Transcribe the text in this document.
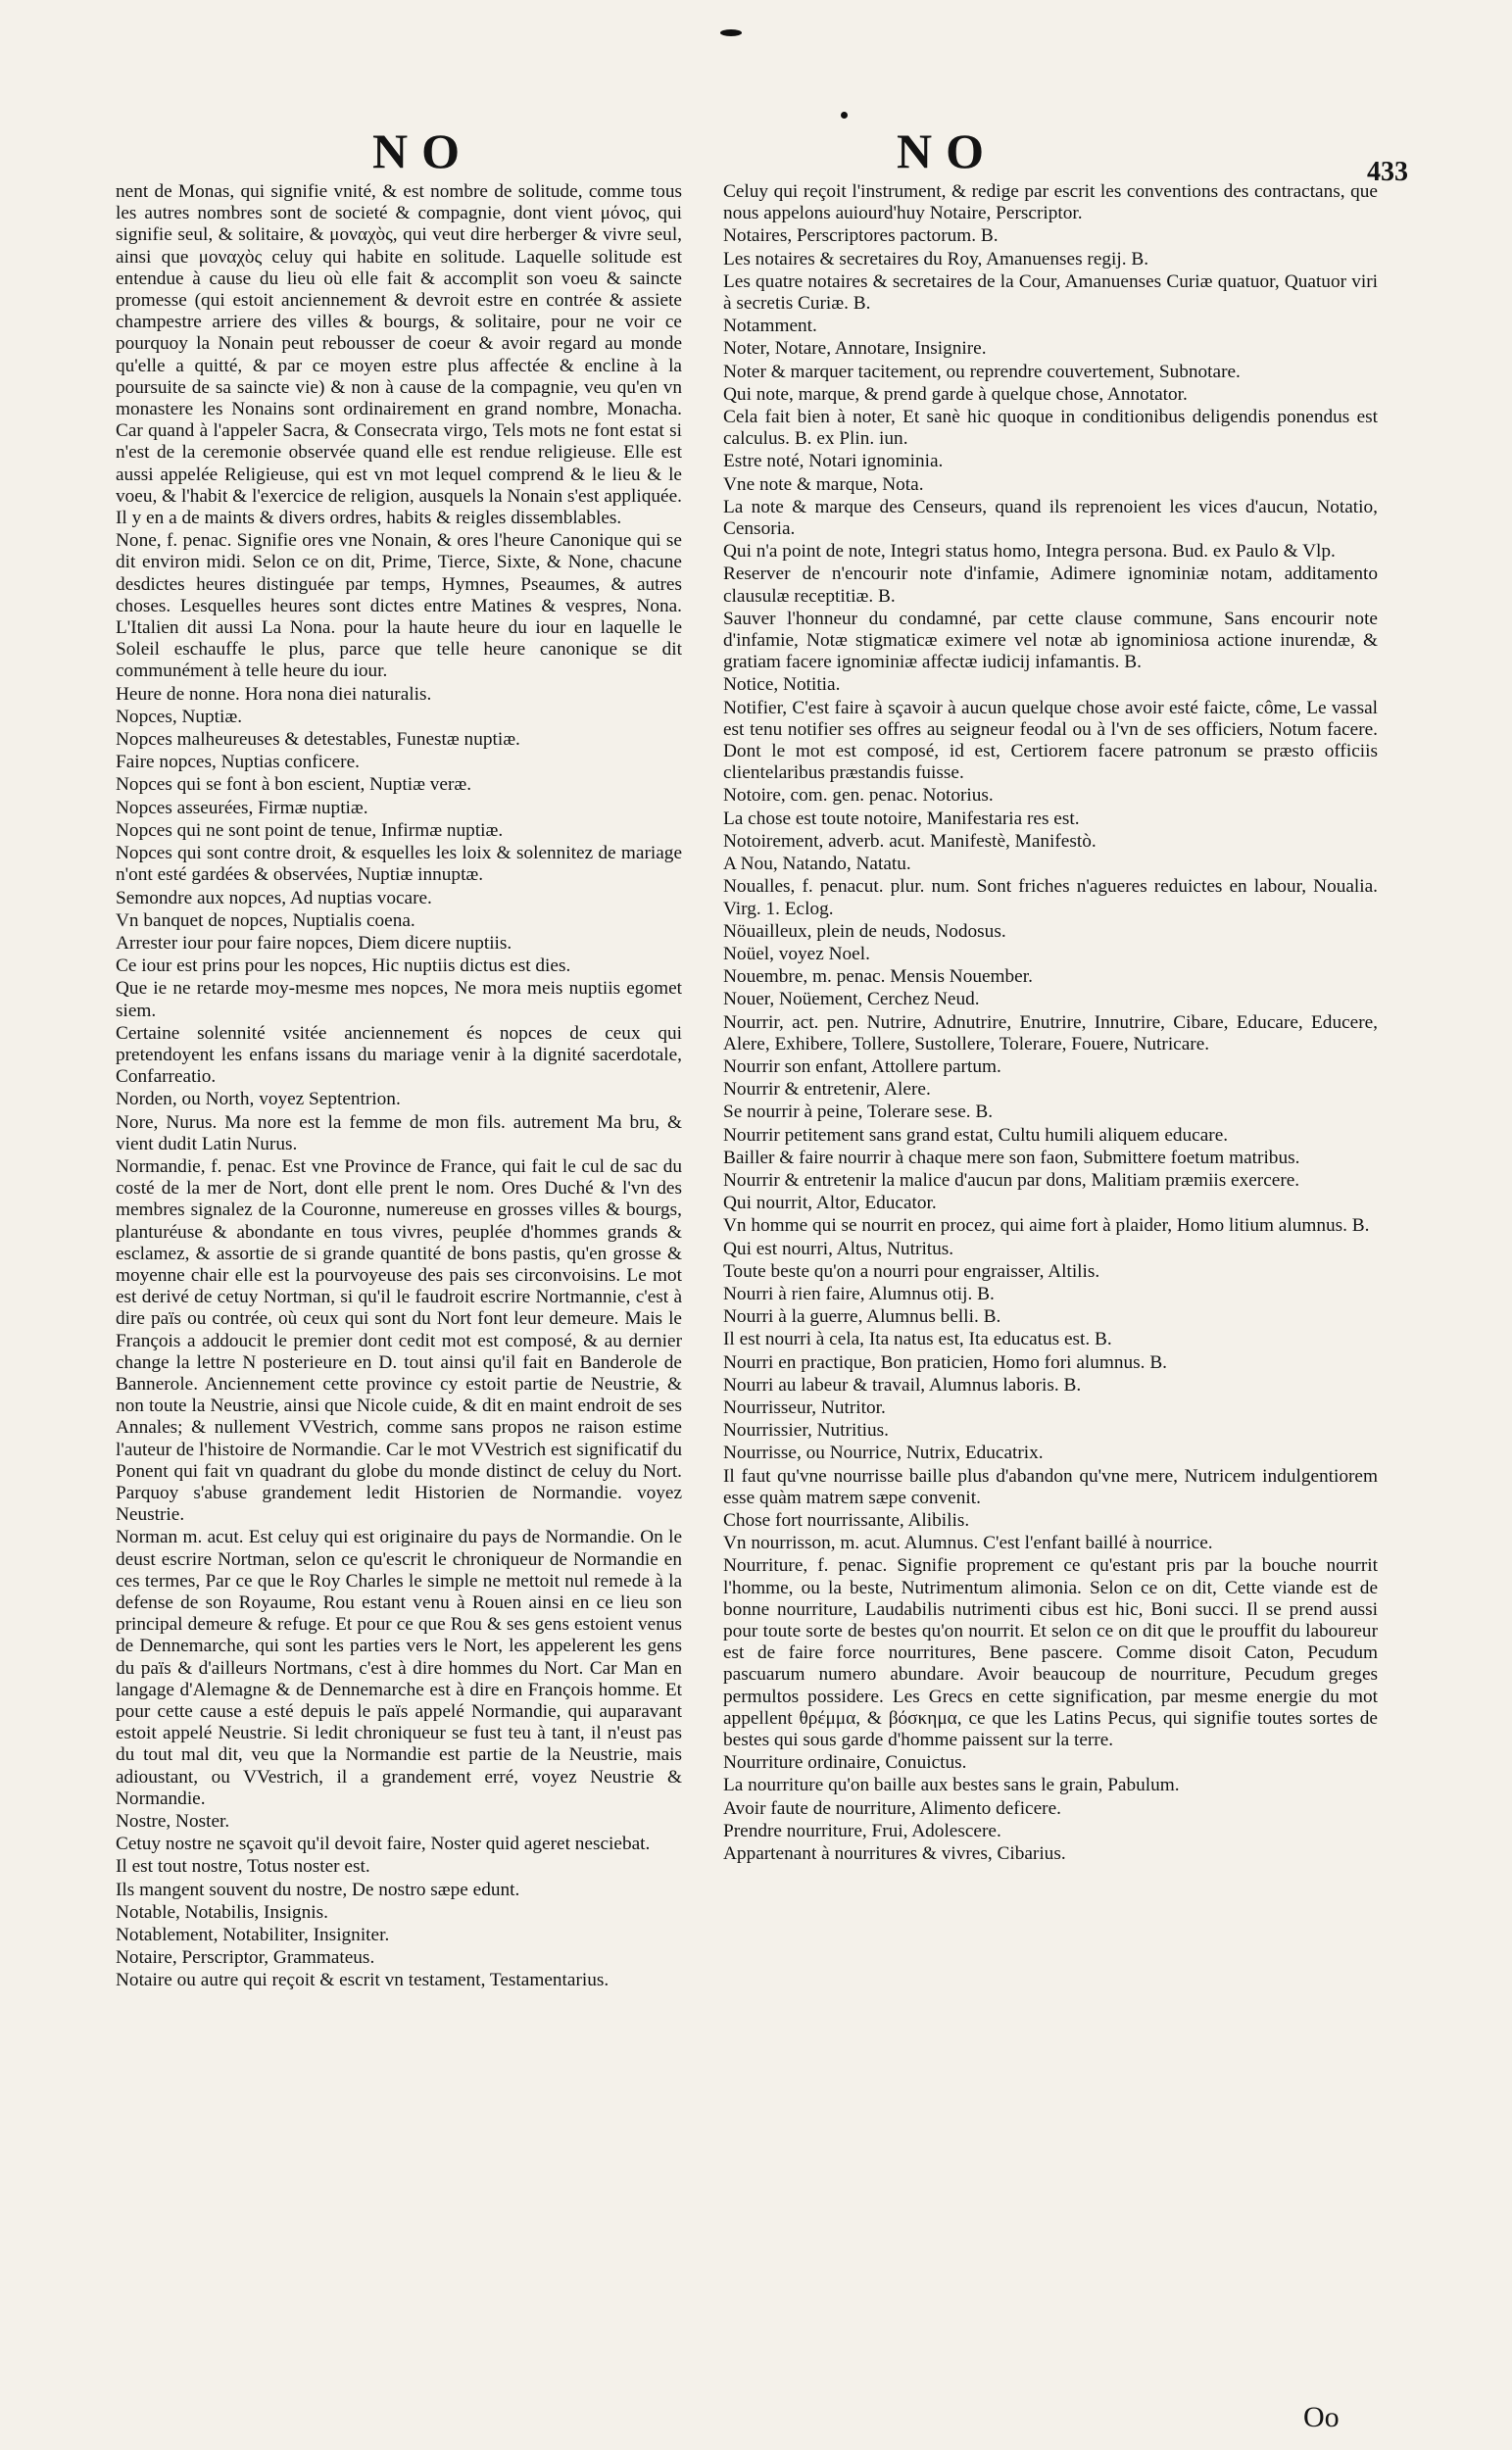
NO	NO	433

nent de Monas, qui signifie vnité, & est nombre de solitude, comme tous les autres nombres sont de societé & compagnie, dont vient μόνος, qui signifie seul, & solitaire, & μοναχὸς, qui veut dire herberger & vivre seul, ainsi que μοναχὸς celuy qui habite en solitude. Laquelle solitude est entendue à cause du lieu où elle fait & accomplit son voeu & saincte promesse (qui estoit anciennement & devroit estre en contrée & assiete champestre arriere des villes & bourgs, & solitaire, pour ne voir ce pourquoy la Nonain peut rebousser de coeur & avoir regard au monde qu'elle a quitté, & par ce moyen estre plus affectée & encline à la poursuite de sa saincte vie) & non à cause de la compagnie, veu qu'en vn monastere les Nonains sont ordinairement en grand nombre, Monacha. Car quand à l'appeler Sacra, & Consecrata virgo, Tels mots ne font estat si n'est de la ceremonie observée quand elle est rendue religieuse. Elle est aussi appelée Religieuse, qui est vn mot lequel comprend & le lieu & le voeu, & l'habit & l'exercice de religion, ausquels la Nonain s'est appliquée. Il y en a de maints & divers ordres, habits & reigles dissemblables.

None, f. penac. Signifie ores vne Nonain, & ores l'heure Canonique qui se dit environ midi. Selon ce on dit, Prime, Tierce, Sixte, & None, chacune desdictes heures distinguée par temps, Hymnes, Pseaumes, & autres choses. Lesquelles heures sont dictes entre Matines & vespres, Nona. L'Italien dit aussi La Nona. pour la haute heure du iour en laquelle le Soleil eschauffe le plus, parce que telle heure canonique se dit communément à telle heure du iour.

Heure de nonne. Hora nona diei naturalis.

Nopces, Nuptiæ.

Nopces malheureuses & detestables, Funestæ nuptiæ.

Faire nopces, Nuptias conficere.

Nopces qui se font à bon escient, Nuptiæ veræ.

Nopces asseurées, Firmæ nuptiæ.

Nopces qui ne sont point de tenue, Infirmæ nuptiæ.

Nopces qui sont contre droit, & esquelles les loix & solennitez de mariage n'ont esté gardées & observées, Nuptiæ innuptæ.

Semondre aux nopces, Ad nuptias vocare.

Vn banquet de nopces, Nuptialis coena.

Arrester iour pour faire nopces, Diem dicere nuptiis.

Ce iour est prins pour les nopces, Hic nuptiis dictus est dies.

Que ie ne retarde moy-mesme mes nopces, Ne mora meis nuptiis egomet siem.

Certaine solennité vsitée anciennement és nopces de ceux qui pretendoyent les enfans issans du mariage venir à la dignité sacerdotale, Confarreatio.

Norden, ou North, voyez Septentrion.

Nore, Nurus. Ma nore est la femme de mon fils. autrement Ma bru, & vient dudit Latin Nurus.

Normandie, f. penac. Est vne Province de France, qui fait le cul de sac du costé de la mer de Nort, dont elle prent le nom. Ores Duché & l'vn des membres signalez de la Couronne, numereuse en grosses villes & bourgs, planturéuse & abondante en tous vivres, peuplée d'hommes grands & esclamez, & assortie de si grande quantité de bons pastis, qu'en grosse & moyenne chair elle est la pourvoyeuse des pais ses circonvoisins. Le mot est derivé de cetuy Nortman, si qu'il le faudroit escrire Nortmannie, c'est à dire païs ou contrée, où ceux qui sont du Nort font leur demeure. Mais le François a addoucit le premier dont cedit mot est composé, & au dernier change la lettre N posterieure en D. tout ainsi qu'il fait en Banderole de Bannerole. Anciennement cette province cy estoit partie de Neustrie, & non toute la Neustrie, ainsi que Nicole cuide, & dit en maint endroit de ses Annales; & nullement VVestrich, comme sans propos ne raison estime l'auteur de l'histoire de Normandie. Car le mot VVestrich est significatif du Ponent qui fait vn quadrant du globe du monde distinct de celuy du Nort. Parquoy s'abuse grandement ledit Historien de Normandie. voyez Neustrie.

Norman m. acut. Est celuy qui est originaire du pays de Normandie. On le deust escrire Nortman, selon ce qu'escrit le chroniqueur de Normandie en ces termes, Par ce que le Roy Charles le simple ne mettoit nul remede à la defense de son Royaume, Rou estant venu à Rouen ainsi en ce lieu son principal demeure & refuge. Et pour ce que Rou & ses gens estoient venus de Dennemarche, qui sont les parties vers le Nort, les appelerent les gens du païs & d'ailleurs Nortmans, c'est à dire hommes du Nort. Car Man en langage d'Alemagne & de Dennemarche est à dire en François homme. Et pour cette cause a esté depuis le païs appelé Normandie, qui auparavant estoit appelé Neustrie. Si ledit chroniqueur se fust teu à tant, il n'eust pas du tout mal dit, veu que la Normandie est partie de la Neustrie, mais adioustant, ou VVestrich, il a grandement erré, voyez Neustrie & Normandie.

Nostre, Noster.

Cetuy nostre ne sçavoit qu'il devoit faire, Noster quid ageret nesciebat.

Il est tout nostre, Totus noster est.

Ils mangent souvent du nostre, De nostro sæpe edunt.

Notable, Notabilis, Insignis.

Notablement, Notabiliter, Insigniter.

Notaire, Perscriptor, Grammateus.

Notaire ou autre qui reçoit & escrit vn testament, Testamentarius.

Celuy qui reçoit l'instrument, & redige par escrit les conventions des contractans, que nous appelons auiourd'huy Notaire, Perscriptor.

Notaires, Perscriptores pactorum. B.

Les notaires & secretaires du Roy, Amanuenses regij. B.

Les quatre notaires & secretaires de la Cour, Amanuenses Curiæ quatuor, Quatuor viri à secretis Curiæ. B.

Notamment.

Noter, Notare, Annotare, Insignire.

Noter & marquer tacitement, ou reprendre couvertement, Subnotare.

Qui note, marque, & prend garde à quelque chose, Annotator.

Cela fait bien à noter, Et sanè hic quoque in conditionibus deligendis ponendus est calculus. B. ex Plin. iun.

Estre noté, Notari ignominia.

Vne note & marque, Nota.

La note & marque des Censeurs, quand ils reprenoient les vices d'aucun, Notatio, Censoria.

Qui n'a point de note, Integri status homo, Integra persona. Bud. ex Paulo & Vlp.

Reserver de n'encourir note d'infamie, Adimere ignominiæ notam, additamento clausulæ receptitiæ. B.

Sauver l'honneur du condamné, par cette clause commune, Sans encourir note d'infamie, Notæ stigmaticæ eximere vel notæ ab ignominiosa actione inurendæ, & gratiam facere ignominiæ affectæ iudicij infamantis. B.

Notice, Notitia.

Notifier, C'est faire à sçavoir à aucun quelque chose avoir esté faicte, côme, Le vassal est tenu notifier ses offres au seigneur feodal ou à l'vn de ses officiers, Notum facere. Dont le mot est composé, id est, Certiorem facere patronum se præsto officiis clientelaribus præstandis fuisse.

Notoire, com. gen. penac. Notorius.

La chose est toute notoire, Manifestaria res est.

Notoirement, adverb. acut. Manifestè, Manifestò.

A Nou, Natando, Natatu.

Noualles, f. penacut. plur. num. Sont friches n'agueres reduictes en labour, Noualia. Virg. 1. Eclog.

Nöuailleux, plein de neuds, Nodosus.

Noüel, voyez Noel.

Nouembre, m. penac. Mensis Nouember.

Nouer, Noüement, Cerchez Neud.

Nourrir, act. pen. Nutrire, Adnutrire, Enutrire, Innutrire, Cibare, Educare, Educere, Alere, Exhibere, Tollere, Sustollere, Tolerare, Fouere, Nutricare.

Nourrir son enfant, Attollere partum.

Nourrir & entretenir, Alere.

Se nourrir à peine, Tolerare sese. B.

Nourrir petitement sans grand estat, Cultu humili aliquem educare.

Bailler & faire nourrir à chaque mere son faon, Submittere foetum matribus.

Nourrir & entretenir la malice d'aucun par dons, Malitiam præmiis exercere.

Qui nourrit, Altor, Educator.

Vn homme qui se nourrit en procez, qui aime fort à plaider, Homo litium alumnus. B.

Qui est nourri, Altus, Nutritus.

Toute beste qu'on a nourri pour engraisser, Altilis.

Nourri à rien faire, Alumnus otij. B.

Nourri à la guerre, Alumnus belli. B.

Il est nourri à cela, Ita natus est, Ita educatus est. B.

Nourri en practique, Bon praticien, Homo fori alumnus. B.

Nourri au labeur & travail, Alumnus laboris. B.

Nourrisseur, Nutritor.

Nourrissier, Nutritius.

Nourrisse, ou Nourrice, Nutrix, Educatrix.

Il faut qu'vne nourrisse baille plus d'abandon qu'vne mere, Nutricem indulgentiorem esse quàm matrem sæpe convenit.

Chose fort nourrissante, Alibilis.

Vn nourrisson, m. acut. Alumnus. C'est l'enfant baillé à nourrice.

Nourriture, f. penac. Signifie proprement ce qu'estant pris par la bouche nourrit l'homme, ou la beste, Nutrimentum alimonia. Selon ce on dit, Cette viande est de bonne nourriture, Laudabilis nutrimenti cibus est hic, Boni succi. Il se prend aussi pour toute sorte de bestes qu'on nourrit. Et selon ce on dit que le prouffit du laboureur est de faire force nourritures, Bene pascere. Comme disoit Caton, Pecudum pascuarum numero abundare. Avoir beaucoup de nourriture, Pecudum greges permultos possidere. Les Grecs en cette signification, par mesme energie du mot appellent θρέμμα, & βόσκημα, ce que les Latins Pecus, qui signifie toutes sortes de bestes qui sous garde d'homme paissent sur la terre.

Nourriture ordinaire, Conuictus.

La nourriture qu'on baille aux bestes sans le grain, Pabulum.

Avoir faute de nourriture, Alimento deficere.

Prendre nourriture, Frui, Adolescere.

Appartenant à nourritures & vivres, Cibarius.

Oo
